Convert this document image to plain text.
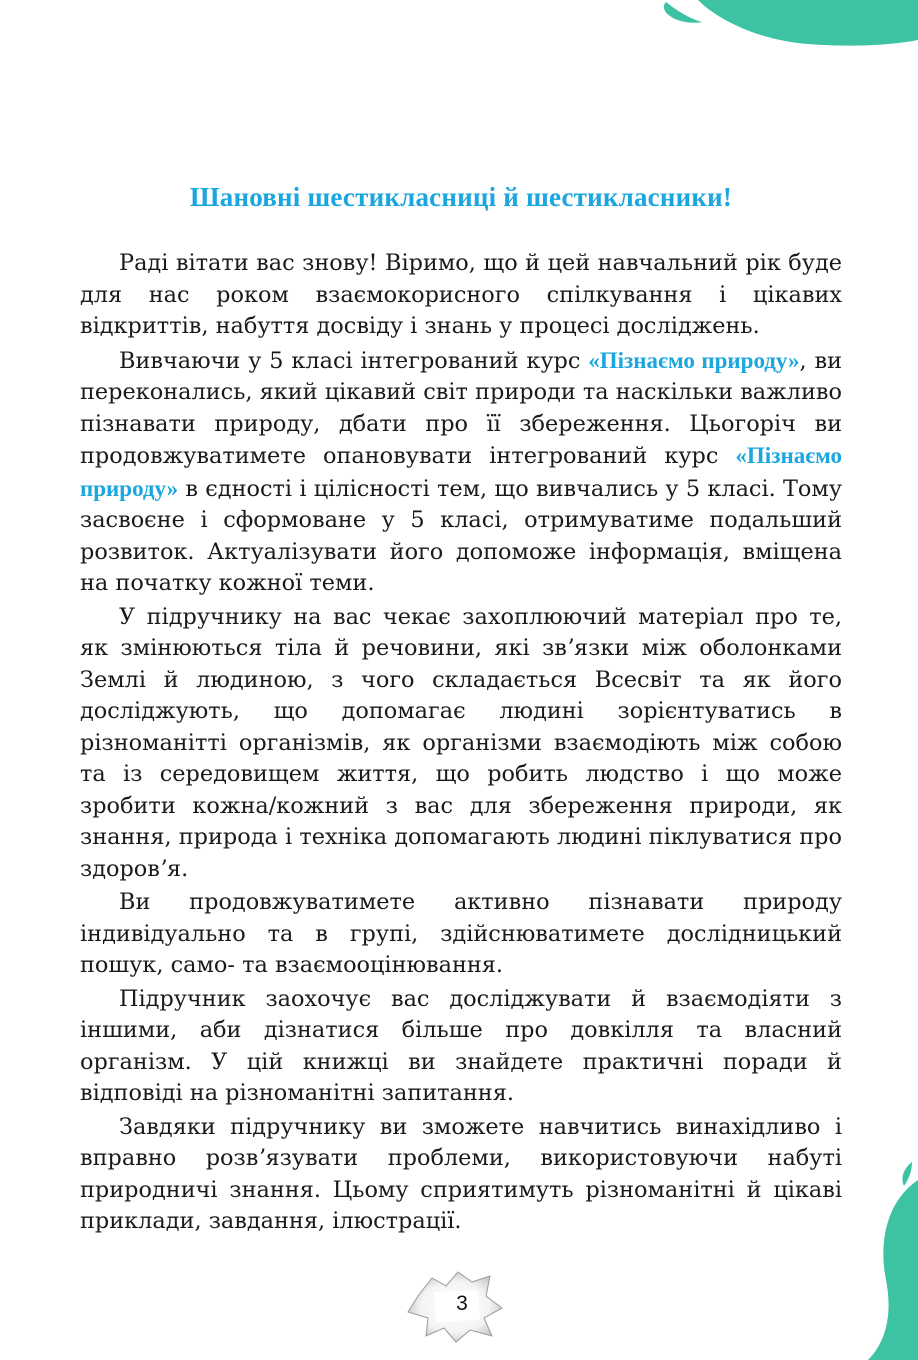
Шановні шестикласниці й шестикласники!

Раді вітати вас знову! Віримо, що й цей навчальний рік буде для нас роком взаємокорисного спілкування і цікавих відкриттів, набуття досвіду і знань у процесі досліджень.

Вивчаючи у 5 класі інтегрований курс «Пізнаємо природу», ви переконались, який цікавий світ природи та наскільки важливо пізнавати природу, дбати про її збереження. Цьогоріч ви продовжуватимете опановувати інтегрований курс «Пізнаємо природу» в єдності і цілісності тем, що вивчались у 5 класі. Тому засвоєне і сформоване у 5 класі, отримуватиме подальший розвиток. Актуалізувати його допоможе інформація, вміщена на початку кожної теми.

У підручнику на вас чекає захоплюючий матеріал про те, як змінюються тіла й речовини, які звʼязки між оболонками Землі й людиною, з чого складається Всесвіт та як його досліджують, що допомагає людині зорієнтуватись в різноманітті організмів, як організми взаємодіють між собою та із середовищем життя, що робить людство і що може зробити кожна/кожний з вас для збереження природи, як знання, природа і техніка допомагають людині піклуватися про здоровʼя.

Ви продовжуватимете активно пізнавати природу індивідуально та в групі, здійснюватимете дослідницький пошук, само- та взаємооцінювання.

Підручник заохочує вас досліджувати й взаємодіяти з іншими, аби дізнатися більше про довкілля та власний організм. У цій книжці ви знайдете практичні поради й відповіді на різноманітні запитання.

Завдяки підручнику ви зможете навчитись винахідливо і вправно розвʼязувати проблеми, використовуючи набуті природничі знання. Цьому сприятимуть різноманітні й цікаві приклади, завдання, ілюстрації.

3
